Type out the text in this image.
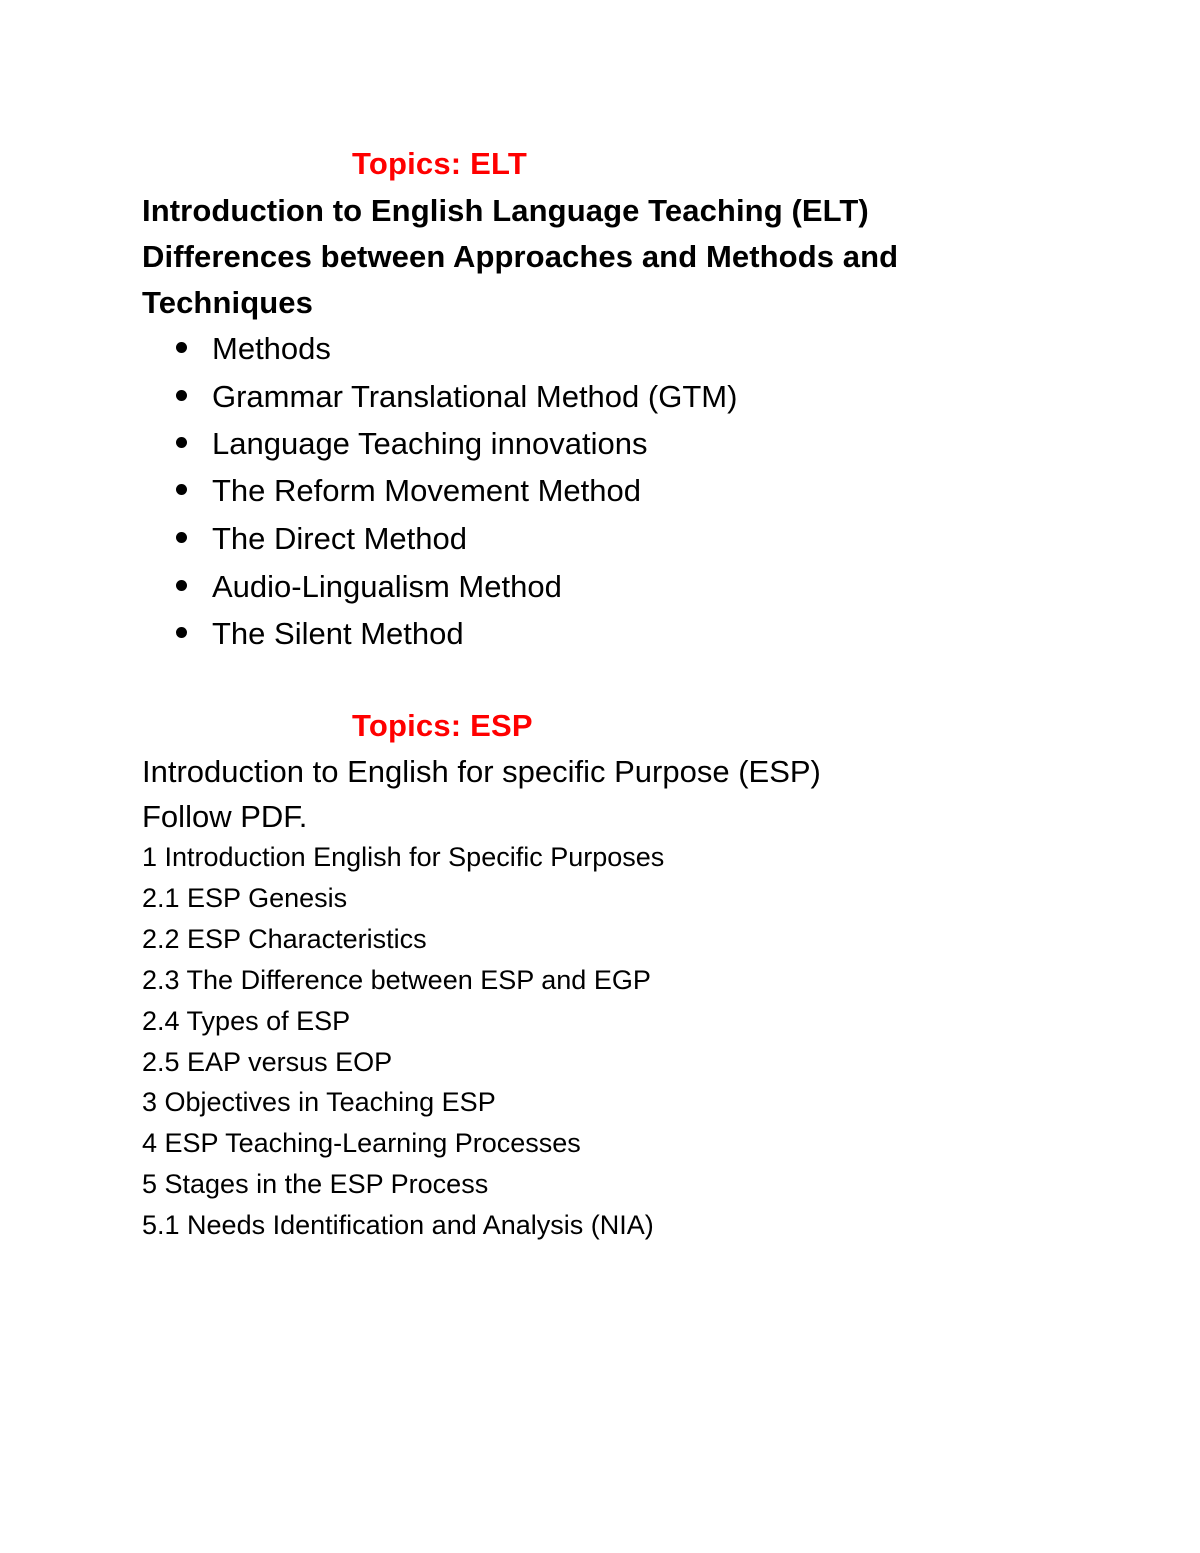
Topics: ELT
Introduction to English Language Teaching (ELT)
Differences between Approaches and Methods and
Techniques
Methods
Grammar Translational Method (GTM)
Language Teaching innovations
The Reform Movement Method
The Direct Method
Audio-Lingualism Method
The Silent Method
Topics: ESP
Introduction to English for specific Purpose (ESP)
Follow PDF.
1 Introduction English for Specific Purposes
2.1 ESP Genesis
2.2 ESP Characteristics
2.3 The Difference between ESP and EGP
2.4 Types of ESP
2.5 EAP versus EOP
3 Objectives in Teaching ESP
4 ESP Teaching-Learning Processes
5 Stages in the ESP Process
5.1 Needs Identification and Analysis (NIA)
